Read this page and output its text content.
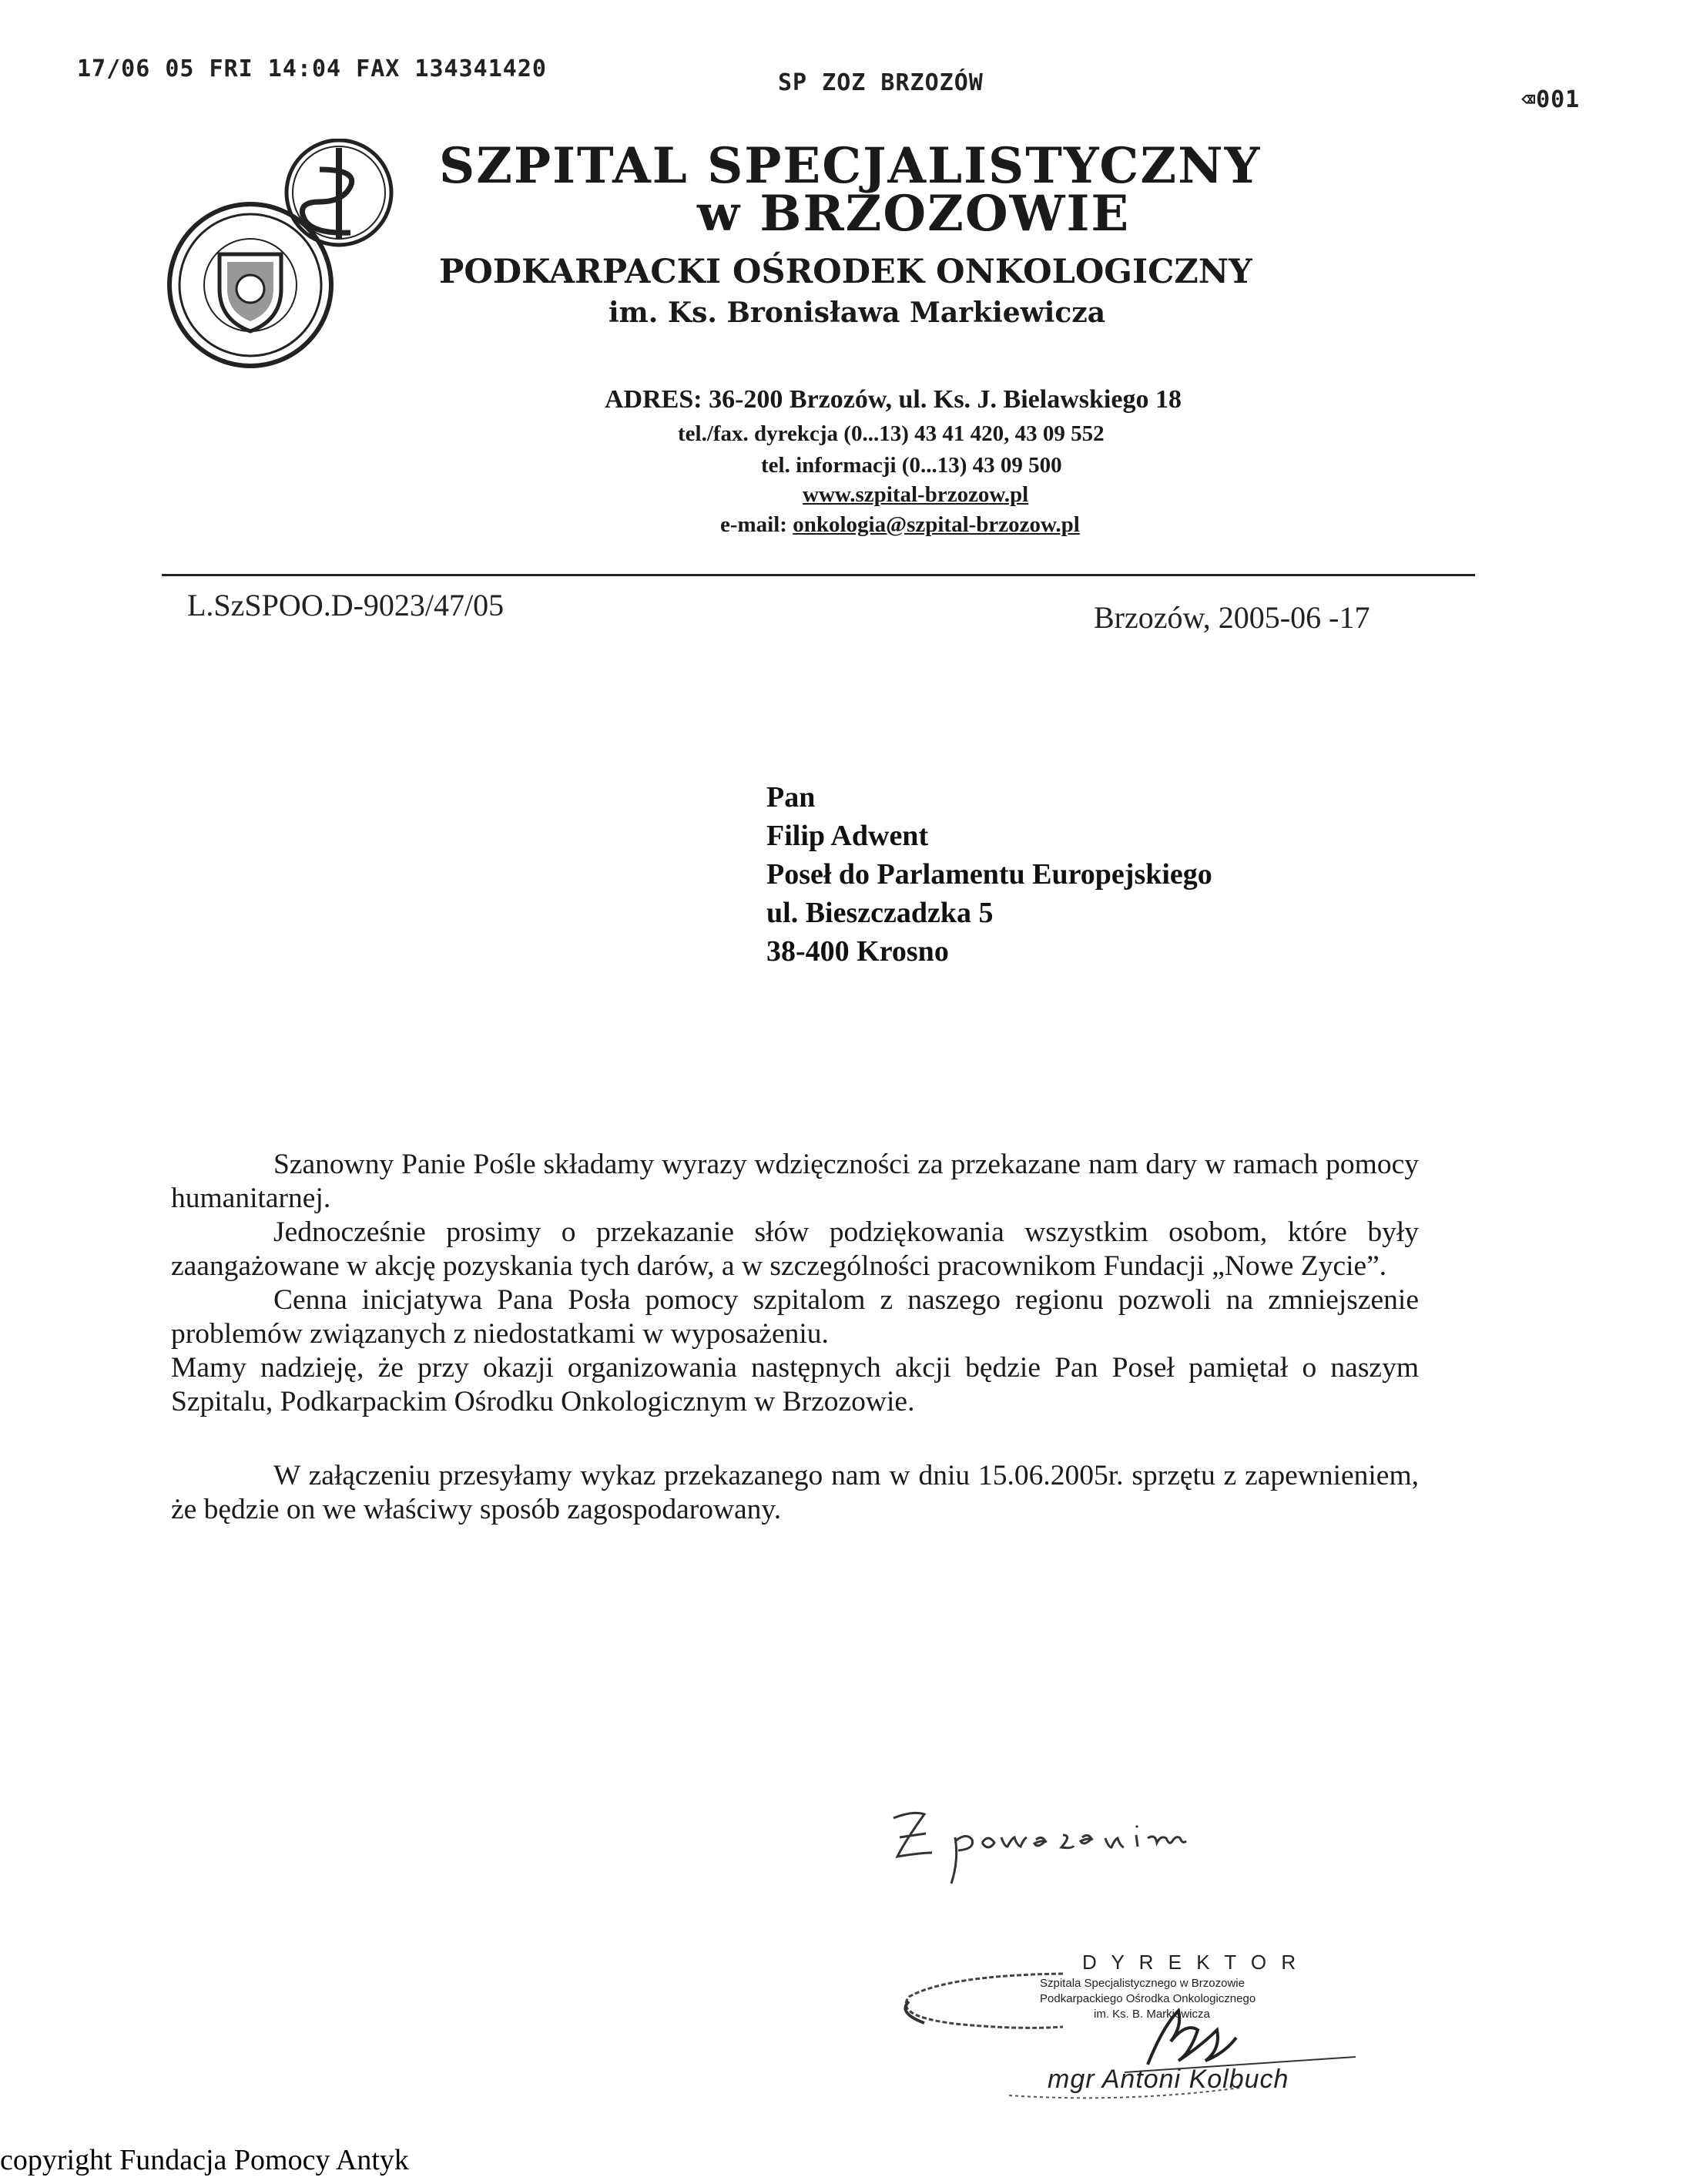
17/06 05 FRI 14:04 FAX 134341420
SP ZOZ BRZOZÓW
⌫001
SZPITAL SPECJALISTYCZNY
w BRZOZOWIE
PODKARPACKI OŚRODEK ONKOLOGICZNY
im. Ks. Bronisława Markiewicza
ADRES: 36-200 Brzozów, ul. Ks. J. Bielawskiego 18
tel./fax. dyrekcja (0...13) 43 41 420, 43 09 552
tel. informacji (0...13) 43 09 500
www.szpital-brzozow.pl
e-mail: onkologia@szpital-brzozow.pl
L.SzSPOO.D-9023/47/05	Brzozów, 2005-06 -17
Pan
Filip Adwent
Poseł do Parlamentu Europejskiego
ul. Bieszczadzka 5
38-400 Krosno

Szanowny Panie Pośle składamy wyrazy wdzięczności za przekazane nam dary w ramach pomocy humanitarnej.

Jednocześnie prosimy o przekazanie słów podziękowania wszystkim osobom, które były zaangażowane w akcję pozyskania tych darów, a w szczególności pracownikom Fundacji „Nowe Zycie”.

Cenna inicjatywa Pana Posła pomocy szpitalom z naszego regionu pozwoli na zmniejszenie problemów związanych z niedostatkami w wyposażeniu.

Mamy nadzieję, że przy okazji organizowania następnych akcji będzie Pan Poseł pamiętał o naszym Szpitalu, Podkarpackim Ośrodku Onkologicznym w Brzozowie.

W załączeniu przesyłamy wykaz przekazanego nam w dniu 15.06.2005r. sprzętu z zapewnieniem, że będzie on we właściwy sposób zagospodarowany.

D Y R E K T O R
Szpitala Specjalistycznego w Brzozowie
Podkarpackiego Ośrodka Onkologicznego
im. Ks. B. Markiewicza
mgr Antoni Kolbuch
copyright Fundacja Pomocy Antyk
